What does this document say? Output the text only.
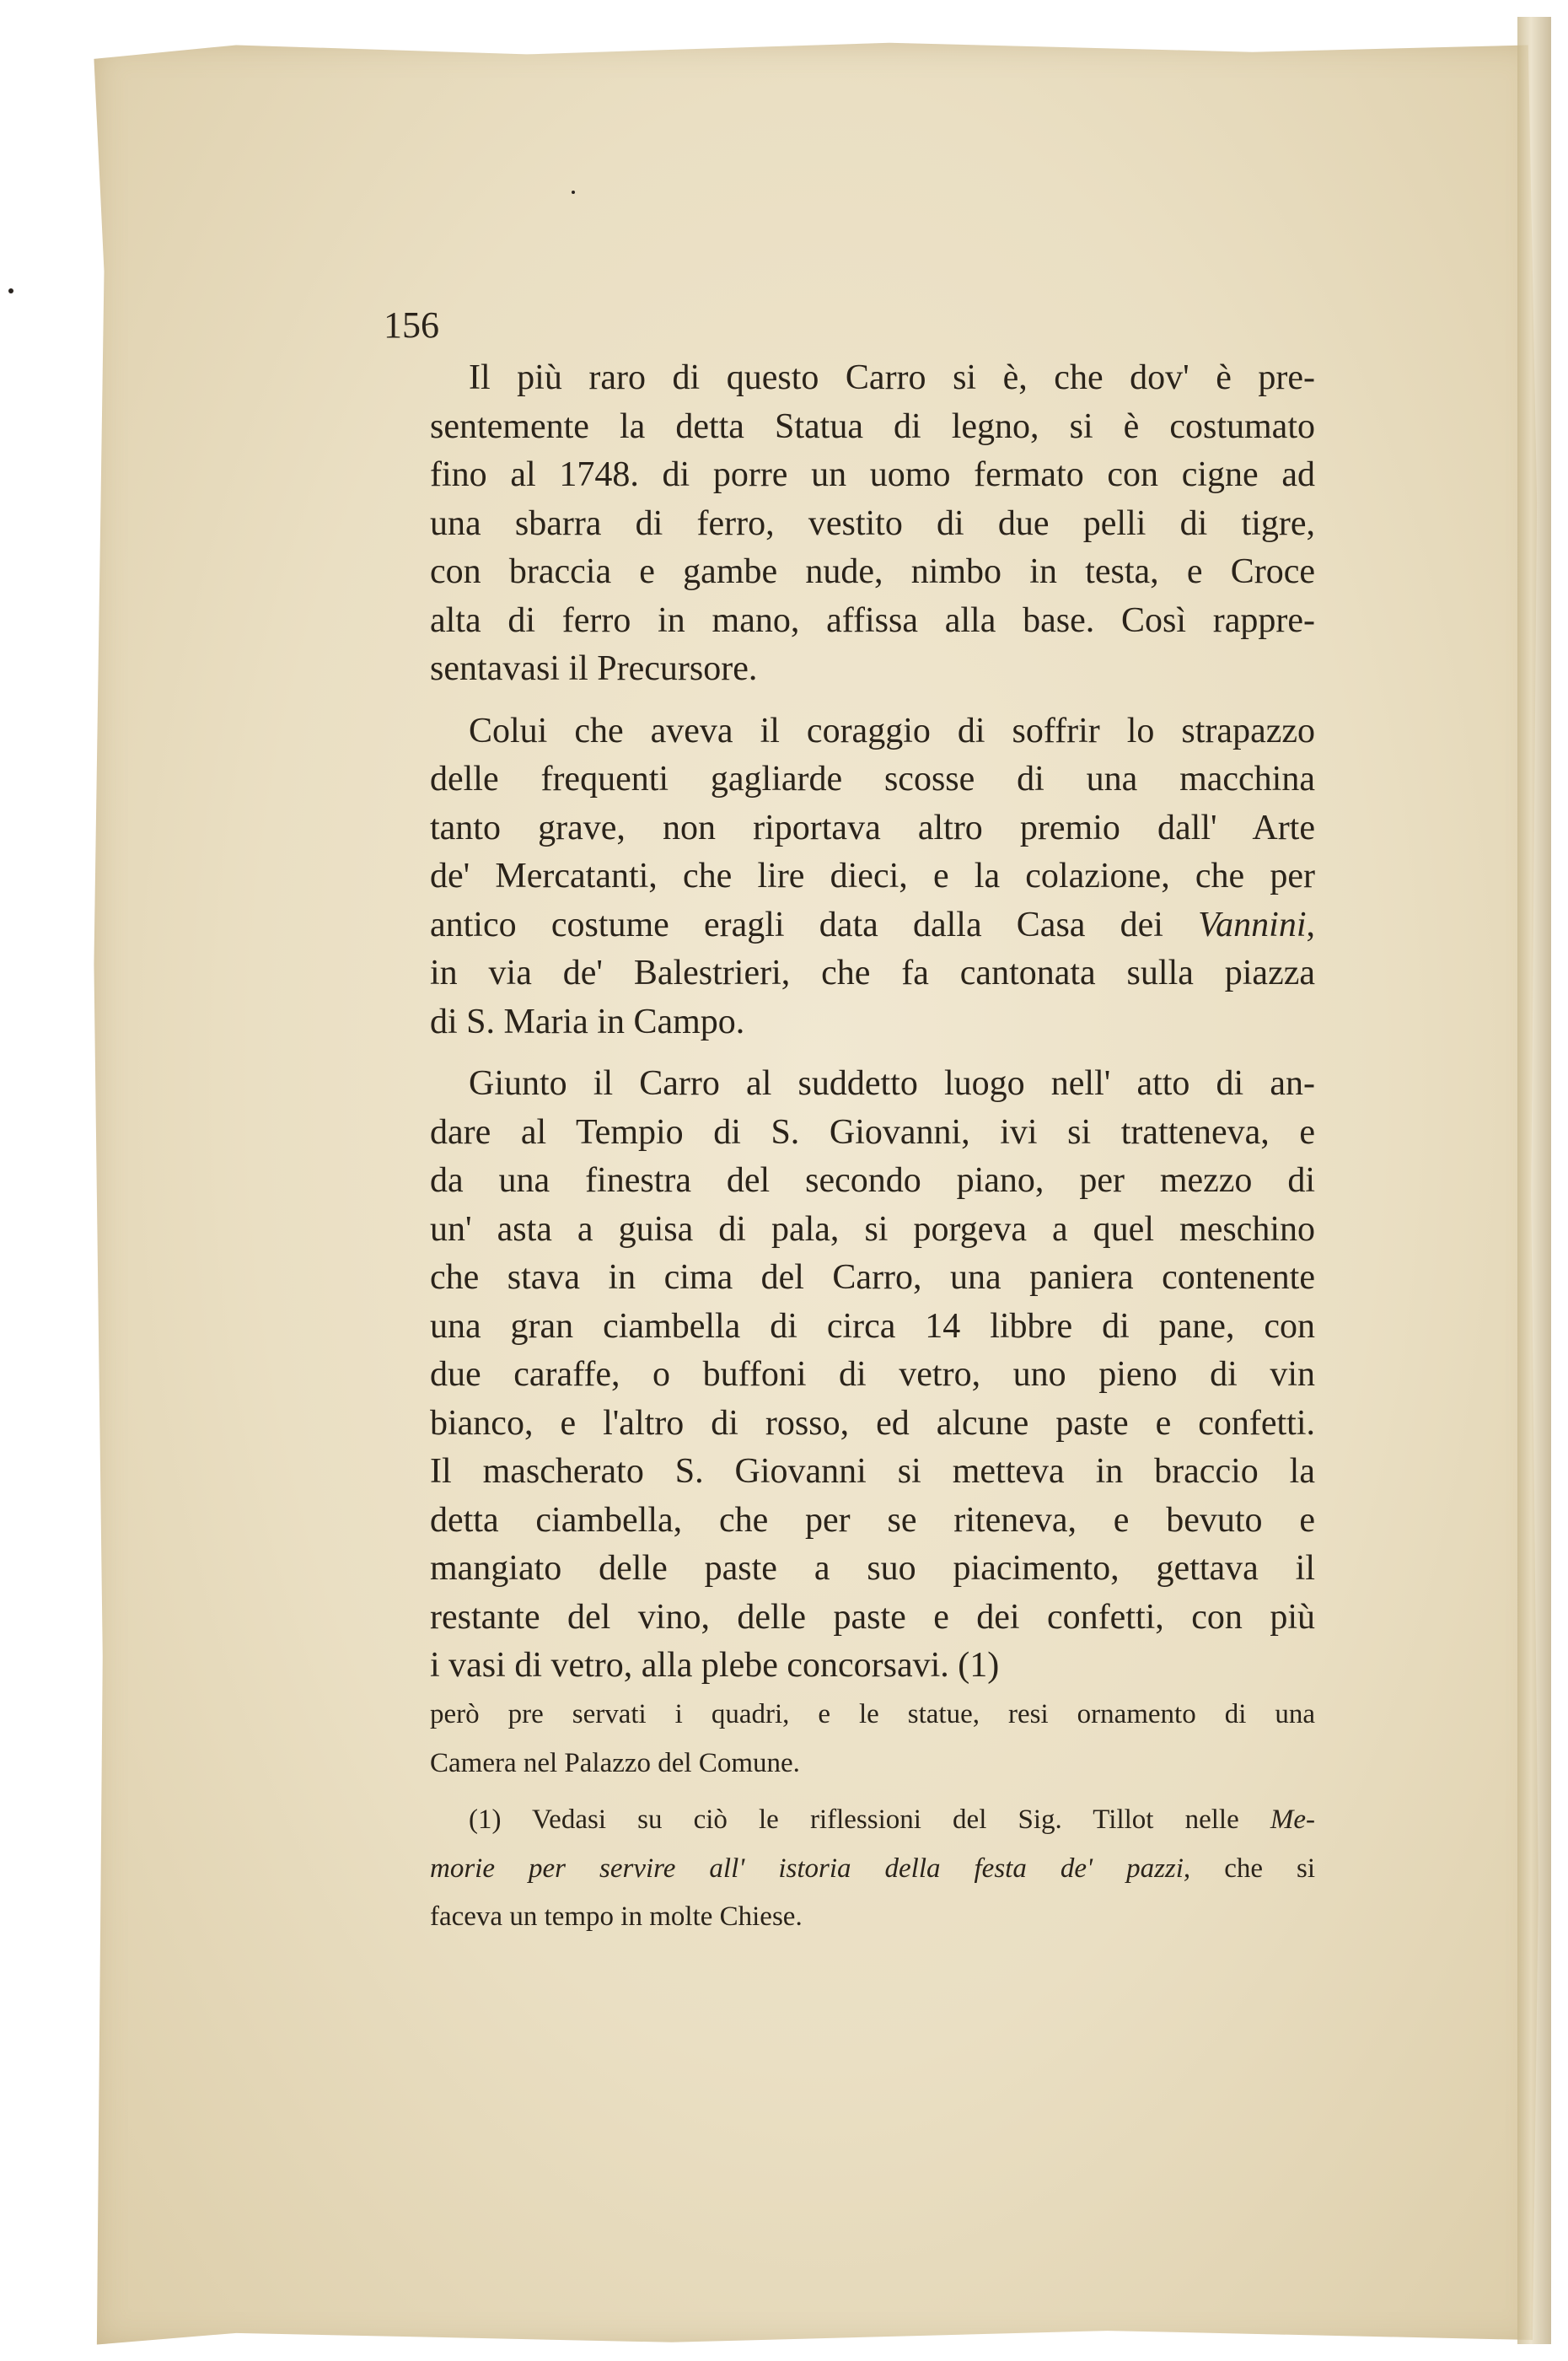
156
Il più raro di questo Carro si è, che dov' è pre-
sentemente la detta Statua di legno, si è costumato
fino al 1748. di porre un uomo fermato con cigne ad
una sbarra di ferro, vestito di due pelli di tigre,
con braccia e gambe nude, nimbo in testa, e Croce
alta di ferro in mano, affissa alla base. Così rappre-
sentavasi il Precursore.
Colui che aveva il coraggio di soffrir lo strapazzo
delle frequenti gagliarde scosse di una macchina
tanto grave, non riportava altro premio dall' Arte
de' Mercatanti, che lire dieci, e la colazione, che per
antico costume eragli data dalla Casa dei Vannini,
in via de' Balestrieri, che fa cantonata sulla piazza
di S. Maria in Campo.
Giunto il Carro al suddetto luogo nell' atto di an-
dare al Tempio di S. Giovanni, ivi si tratteneva, e
da una finestra del secondo piano, per mezzo di
un' asta a guisa di pala, si porgeva a quel meschino
che stava in cima del Carro, una paniera contenente
una gran ciambella di circa 14 libbre di pane, con
due caraffe, o buffoni di vetro, uno pieno di vin
bianco, e l'altro di rosso, ed alcune paste e confetti.
Il mascherato S. Giovanni si metteva in braccio la
detta ciambella, che per se riteneva, e bevuto e
mangiato delle paste a suo piacimento, gettava il
restante del vino, delle paste e dei confetti, con più
i vasi di vetro, alla plebe concorsavi. (1)
però pre servati i quadri, e le statue, resi ornamento di una
Camera nel Palazzo del Comune.
(1) Vedasi su ciò le riflessioni del Sig. Tillot nelle Me-
morie per servire all' istoria della festa de' pazzi, che si
faceva un tempo in molte Chiese.
